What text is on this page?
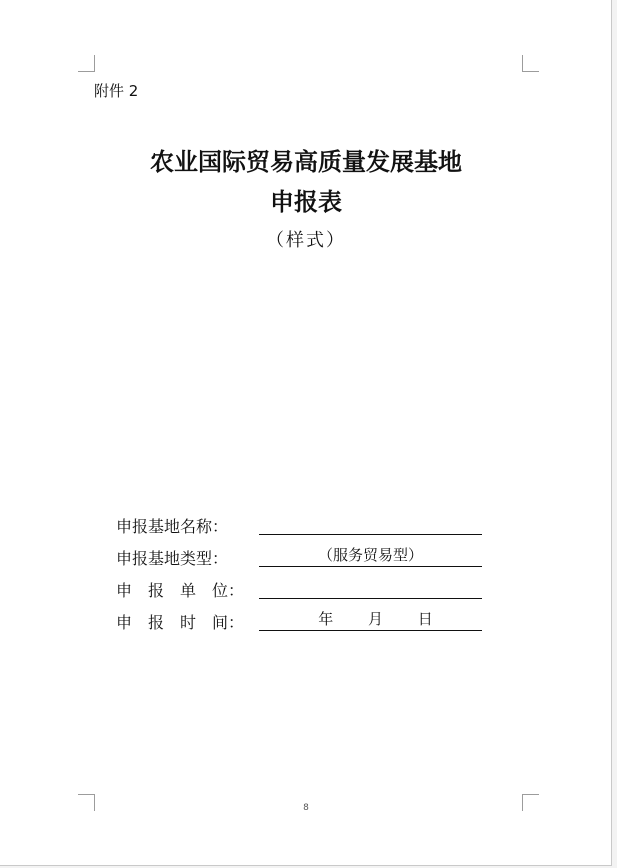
附件 2
农业国际贸易高质量发展基地
申报表
（样式）
申报基地名称：
申报基地类型：	（服务贸易型）
申　报　单　位：
申　报　时　间：	年 月 日
8
